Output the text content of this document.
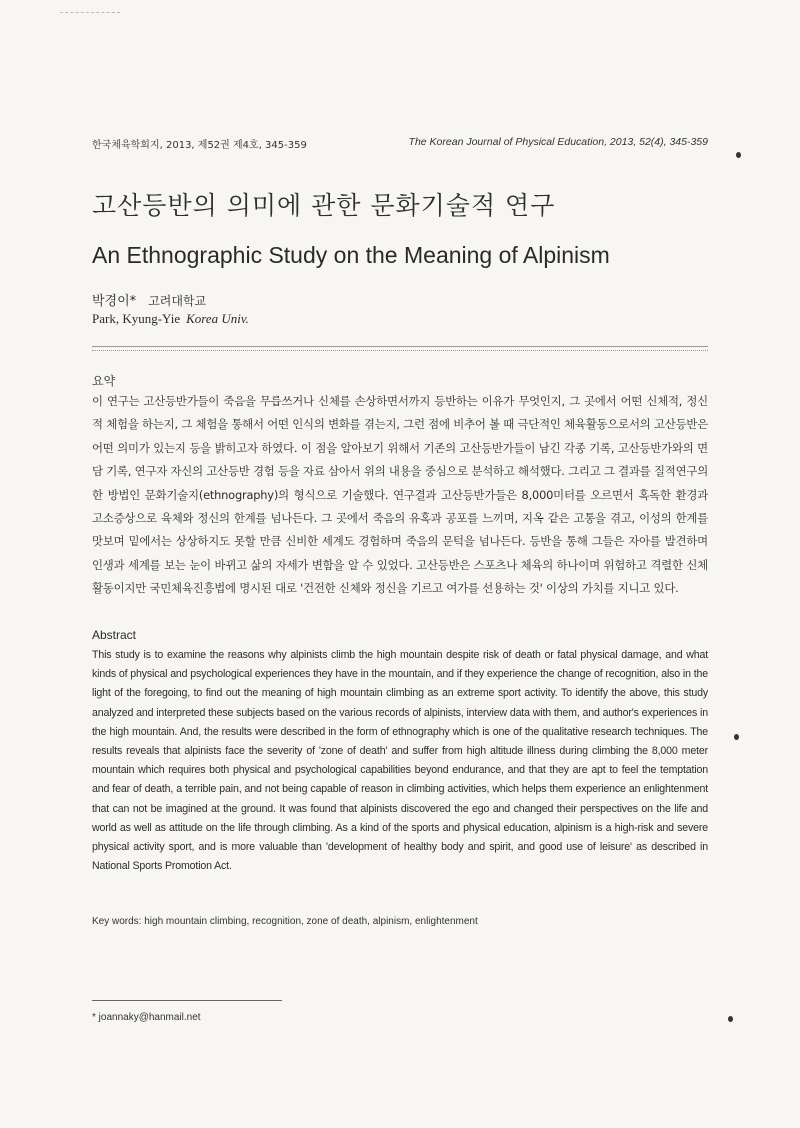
한국체육학회지, 2013, 제52권 제4호, 345-359	The Korean Journal of Physical Education, 2013, 52(4), 345-359
고산등반의 의미에 관한 문화기술적 연구
An Ethnographic Study on the Meaning of Alpinism
박경이* 고려대학교
Park, Kyung-Yie Korea Univ.
요약
이 연구는 고산등반가들이 죽음을 무릅쓰거나 신체를 손상하면서까지 등반하는 이유가 무엇인지, 그 곳에서 어떤 신체적, 정신적 체험을 하는지, 그 체험을 통해서 어떤 인식의 변화를 겪는지, 그런 점에 비추어 볼 때 극단적인 체육활동으로서의 고산등반은 어떤 의미가 있는지 등을 밝히고자 하였다. 이 점을 알아보기 위해서 기존의 고산등반가들이 남긴 각종 기록, 고산등반가와의 면담 기록, 연구자 자신의 고산등반 경험 등을 자료 삼아서 위의 내용을 중심으로 분석하고 해석했다. 그리고 그 결과를 질적연구의 한 방법인 문화기술지(ethnography)의 형식으로 기술했다. 연구결과 고산등반가들은 8,000미터를 오르면서 혹독한 환경과 고소증상으로 육체와 정신의 한계를 넘나든다. 그 곳에서 죽음의 유혹과 공포를 느끼며, 지옥 같은 고통을 겪고, 이성의 한계를 맛보며 밑에서는 상상하지도 못할 만큼 신비한 세계도 경험하며 죽음의 문턱을 넘나든다. 등반을 통해 그들은 자아를 발견하며 인생과 세계를 보는 눈이 바뀌고 삶의 자세가 변함을 알 수 있었다. 고산등반은 스포츠나 체육의 하나이며 위험하고 격렬한 신체활동이지만 국민체육진흥법에 명시된 대로 '건전한 신체와 정신을 기르고 여가를 선용하는 것' 이상의 가치를 지니고 있다.
Abstract
This study is to examine the reasons why alpinists climb the high mountain despite risk of death or fatal physical damage, and what kinds of physical and psychological experiences they have in the mountain, and if they experience the change of recognition, also in the light of the foregoing, to find out the meaning of high mountain climbing as an extreme sport activity. To identify the above, this study analyzed and interpreted these subjects based on the various records of alpinists, interview data with them, and author's experiences in the high mountain. And, the results were described in the form of ethnography which is one of the qualitative research techniques. The results reveals that alpinists face the severity of 'zone of death' and suffer from high altitude illness during climbing the 8,000 meter mountain which requires both physical and psychological capabilities beyond endurance, and that they are apt to feel the temptation and fear of death, a terrible pain, and not being capable of reason in climbing activities, which helps them experience an enlightenment that can not be imagined at the ground. It was found that alpinists discovered the ego and changed their perspectives on the life and world as well as attitude on the life through climbing. As a kind of the sports and physical education, alpinism is a high-risk and severe physical activity sport, and is more valuable than 'development of healthy body and spirit, and good use of leisure' as described in National Sports Promotion Act.
Key words: high mountain climbing, recognition, zone of death, alpinism, enlightenment
* joannaky@hanmail.net
